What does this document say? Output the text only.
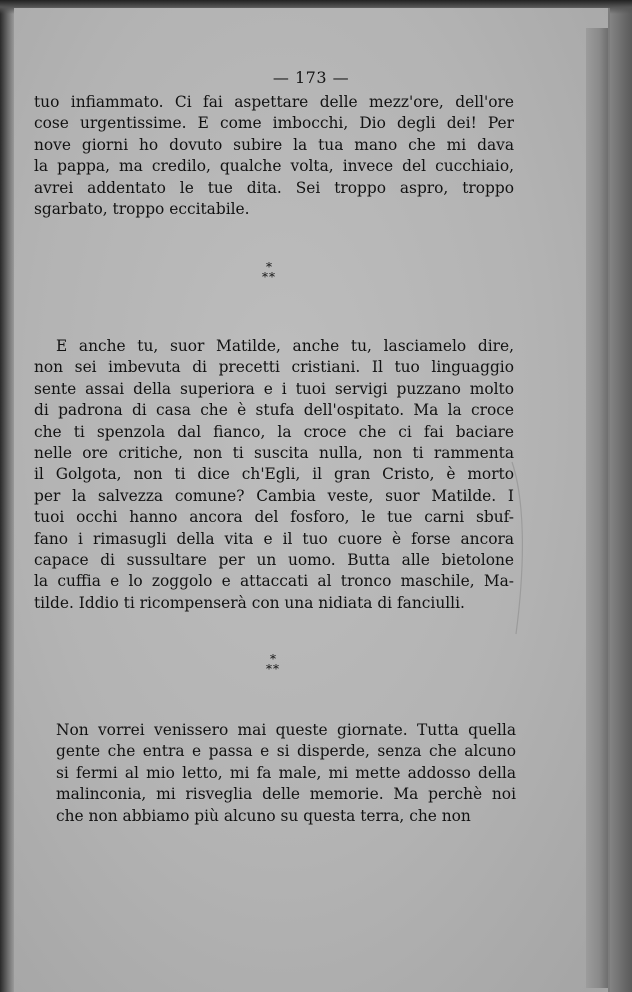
— 173 —
tuo infiammato. Ci fai aspettare delle mezz'ore, dell'ore
cose urgentissime. E come imbocchi, Dio degli dei! Per
nove giorni ho dovuto subire la tua mano che mi dava
la pappa, ma credilo, qualche volta, invece del cucchiaio,
avrei addentato le tue dita. Sei troppo aspro, troppo
sgarbato, troppo eccitabile.
*
**
E anche tu, suor Matilde, anche tu, lasciamelo dire,
non sei imbevuta di precetti cristiani. Il tuo linguaggio
sente assai della superiora e i tuoi servigi puzzano molto
di padrona di casa che è stufa dell'ospitato. Ma la croce
che ti spenzola dal fianco, la croce che ci fai baciare
nelle ore critiche, non ti suscita nulla, non ti rammenta
il Golgota, non ti dice ch'Egli, il gran Cristo, è morto
per la salvezza comune? Cambia veste, suor Matilde. I
tuoi occhi hanno ancora del fosforo, le tue carni sbuf-
fano i rimasugli della vita e il tuo cuore è forse ancora
capace di sussultare per un uomo. Butta alle bietolone
la cuffia e lo zoggolo e attaccati al tronco maschile, Ma-
tilde. Iddio ti ricompenserà con una nidiata di fanciulli.
*
**
Non vorrei venissero mai queste giornate. Tutta quella
gente che entra e passa e si disperde, senza che alcuno
si fermi al mio letto, mi fa male, mi mette addosso della
malinconia, mi risveglia delle memorie. Ma perchè noi
che non abbiamo più alcuno su questa terra, che non
